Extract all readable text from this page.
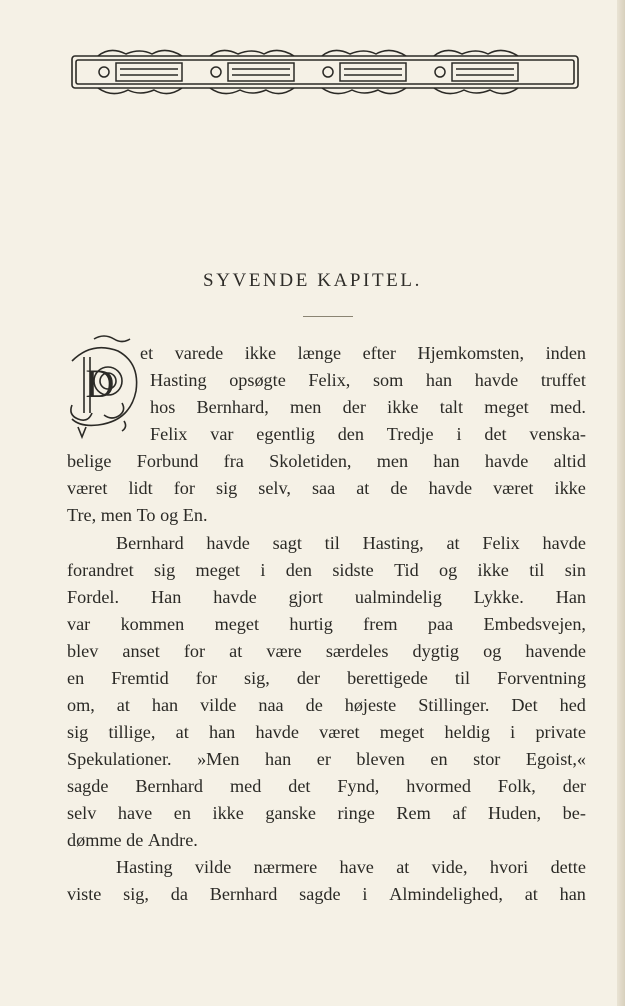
SYVENDE KAPITEL.
D
et varede ikke længe efter Hjemkomsten, inden
Hasting opsøgte Felix, som han havde truffet
hos Bernhard, men der ikke talt meget med.
Felix var egentlig den Tredje i det venska-
belige Forbund fra Skoletiden, men han havde altid
været lidt for sig selv, saa at de havde været ikke
Tre, men To og En.
Bernhard havde sagt til Hasting, at Felix havde
forandret sig meget i den sidste Tid og ikke til sin
Fordel. Han havde gjort ualmindelig Lykke. Han
var kommen meget hurtig frem paa Embedsvejen,
blev anset for at være særdeles dygtig og havende
en Fremtid for sig, der berettigede til Forventning
om, at han vilde naa de højeste Stillinger. Det hed
sig tillige, at han havde været meget heldig i private
Spekulationer. »Men han er bleven en stor Egoist,«
sagde Bernhard med det Fynd, hvormed Folk, der
selv have en ikke ganske ringe Rem af Huden, be-
dømme de Andre.
Hasting vilde nærmere have at vide, hvori dette
viste sig, da Bernhard sagde i Almindelighed, at han
